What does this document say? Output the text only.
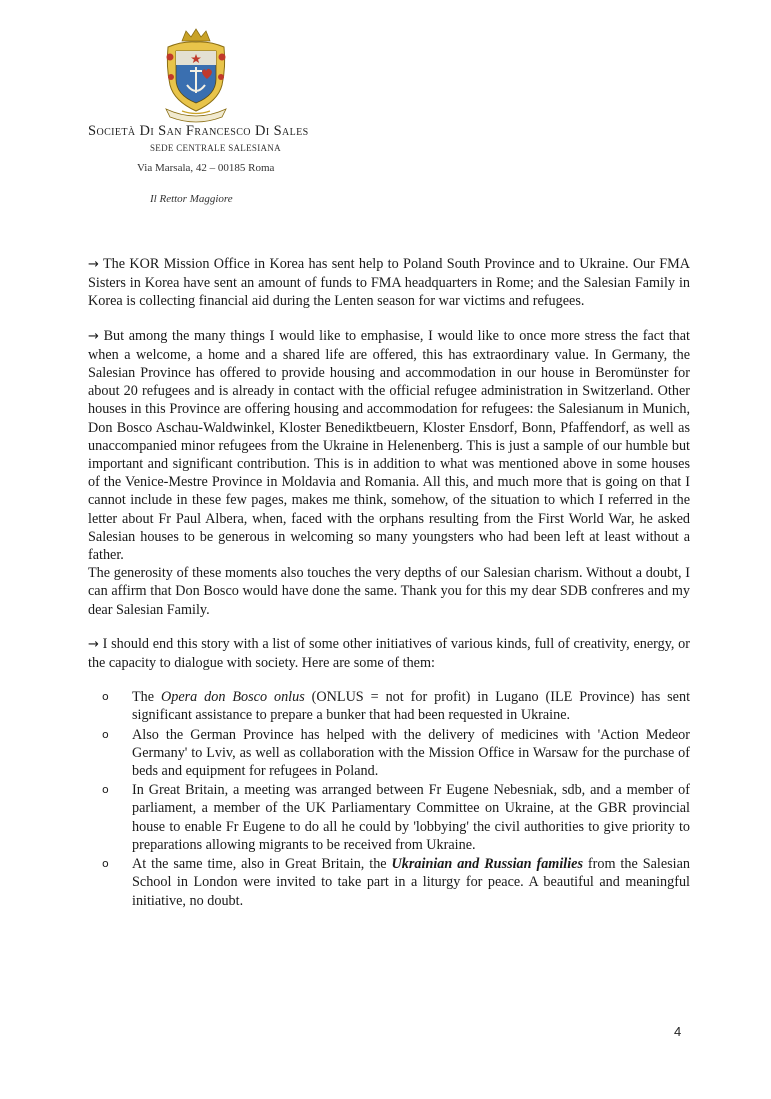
Società Di San Francesco Di Sales
SEDE CENTRALE SALESIANA
Via Marsala, 42 – 00185 Roma
Il Rettor Maggiore

→ The KOR Mission Office in Korea has sent help to Poland South Province and to Ukraine. Our FMA Sisters in Korea have sent an amount of funds to FMA headquarters in Rome; and the Salesian Family in Korea is collecting financial aid during the Lenten season for war victims and refugees.

→ But among the many things I would like to emphasise, I would like to once more stress the fact that when a welcome, a home and a shared life are offered, this has extraordinary value. In Germany, the Salesian Province has offered to provide housing and accommodation in our house in Beromünster for about 20 refugees and is already in contact with the official refugee administration in Switzerland. Other houses in this Province are offering housing and accommodation for refugees: the Salesianum in Munich, Don Bosco Aschau-Waldwinkel, Kloster Benediktbeuern, Kloster Ensdorf, Bonn, Pfaffendorf, as well as unaccompanied minor refugees from the Ukraine in Helenenberg. This is just a sample of our humble but important and significant contribution. This is in addition to what was mentioned above in some houses of the Venice-Mestre Province in Moldavia and Romania. All this, and much more that is going on that I cannot include in these few pages, makes me think, somehow, of the situation to which I referred in the letter about Fr Paul Albera, when, faced with the orphans resulting from the First World War, he asked Salesian houses to be generous in welcoming so many youngsters who had been left at least without a father.

The generosity of these moments also touches the very depths of our Salesian charism. Without a doubt, I can affirm that Don Bosco would have done the same. Thank you for this my dear SDB confreres and my dear Salesian Family.

→ I should end this story with a list of some other initiatives of various kinds, full of creativity, energy, or the capacity to dialogue with society. Here are some of them:

o The Opera don Bosco onlus (ONLUS = not for profit) in Lugano (ILE Province) has sent significant assistance to prepare a bunker that had been requested in Ukraine.
o Also the German Province has helped with the delivery of medicines with 'Action Medeor Germany' to Lviv, as well as collaboration with the Mission Office in Warsaw for the purchase of beds and equipment for refugees in Poland.
o In Great Britain, a meeting was arranged between Fr Eugene Nebesniak, sdb, and a member of parliament, a member of the UK Parliamentary Committee on Ukraine, at the GBR provincial house to enable Fr Eugene to do all he could by 'lobbying' the civil authorities to give priority to preparations allowing migrants to be received from Ukraine.
o At the same time, also in Great Britain, the Ukrainian and Russian families from the Salesian School in London were invited to take part in a liturgy for peace. A beautiful and meaningful initiative, no doubt.
4
